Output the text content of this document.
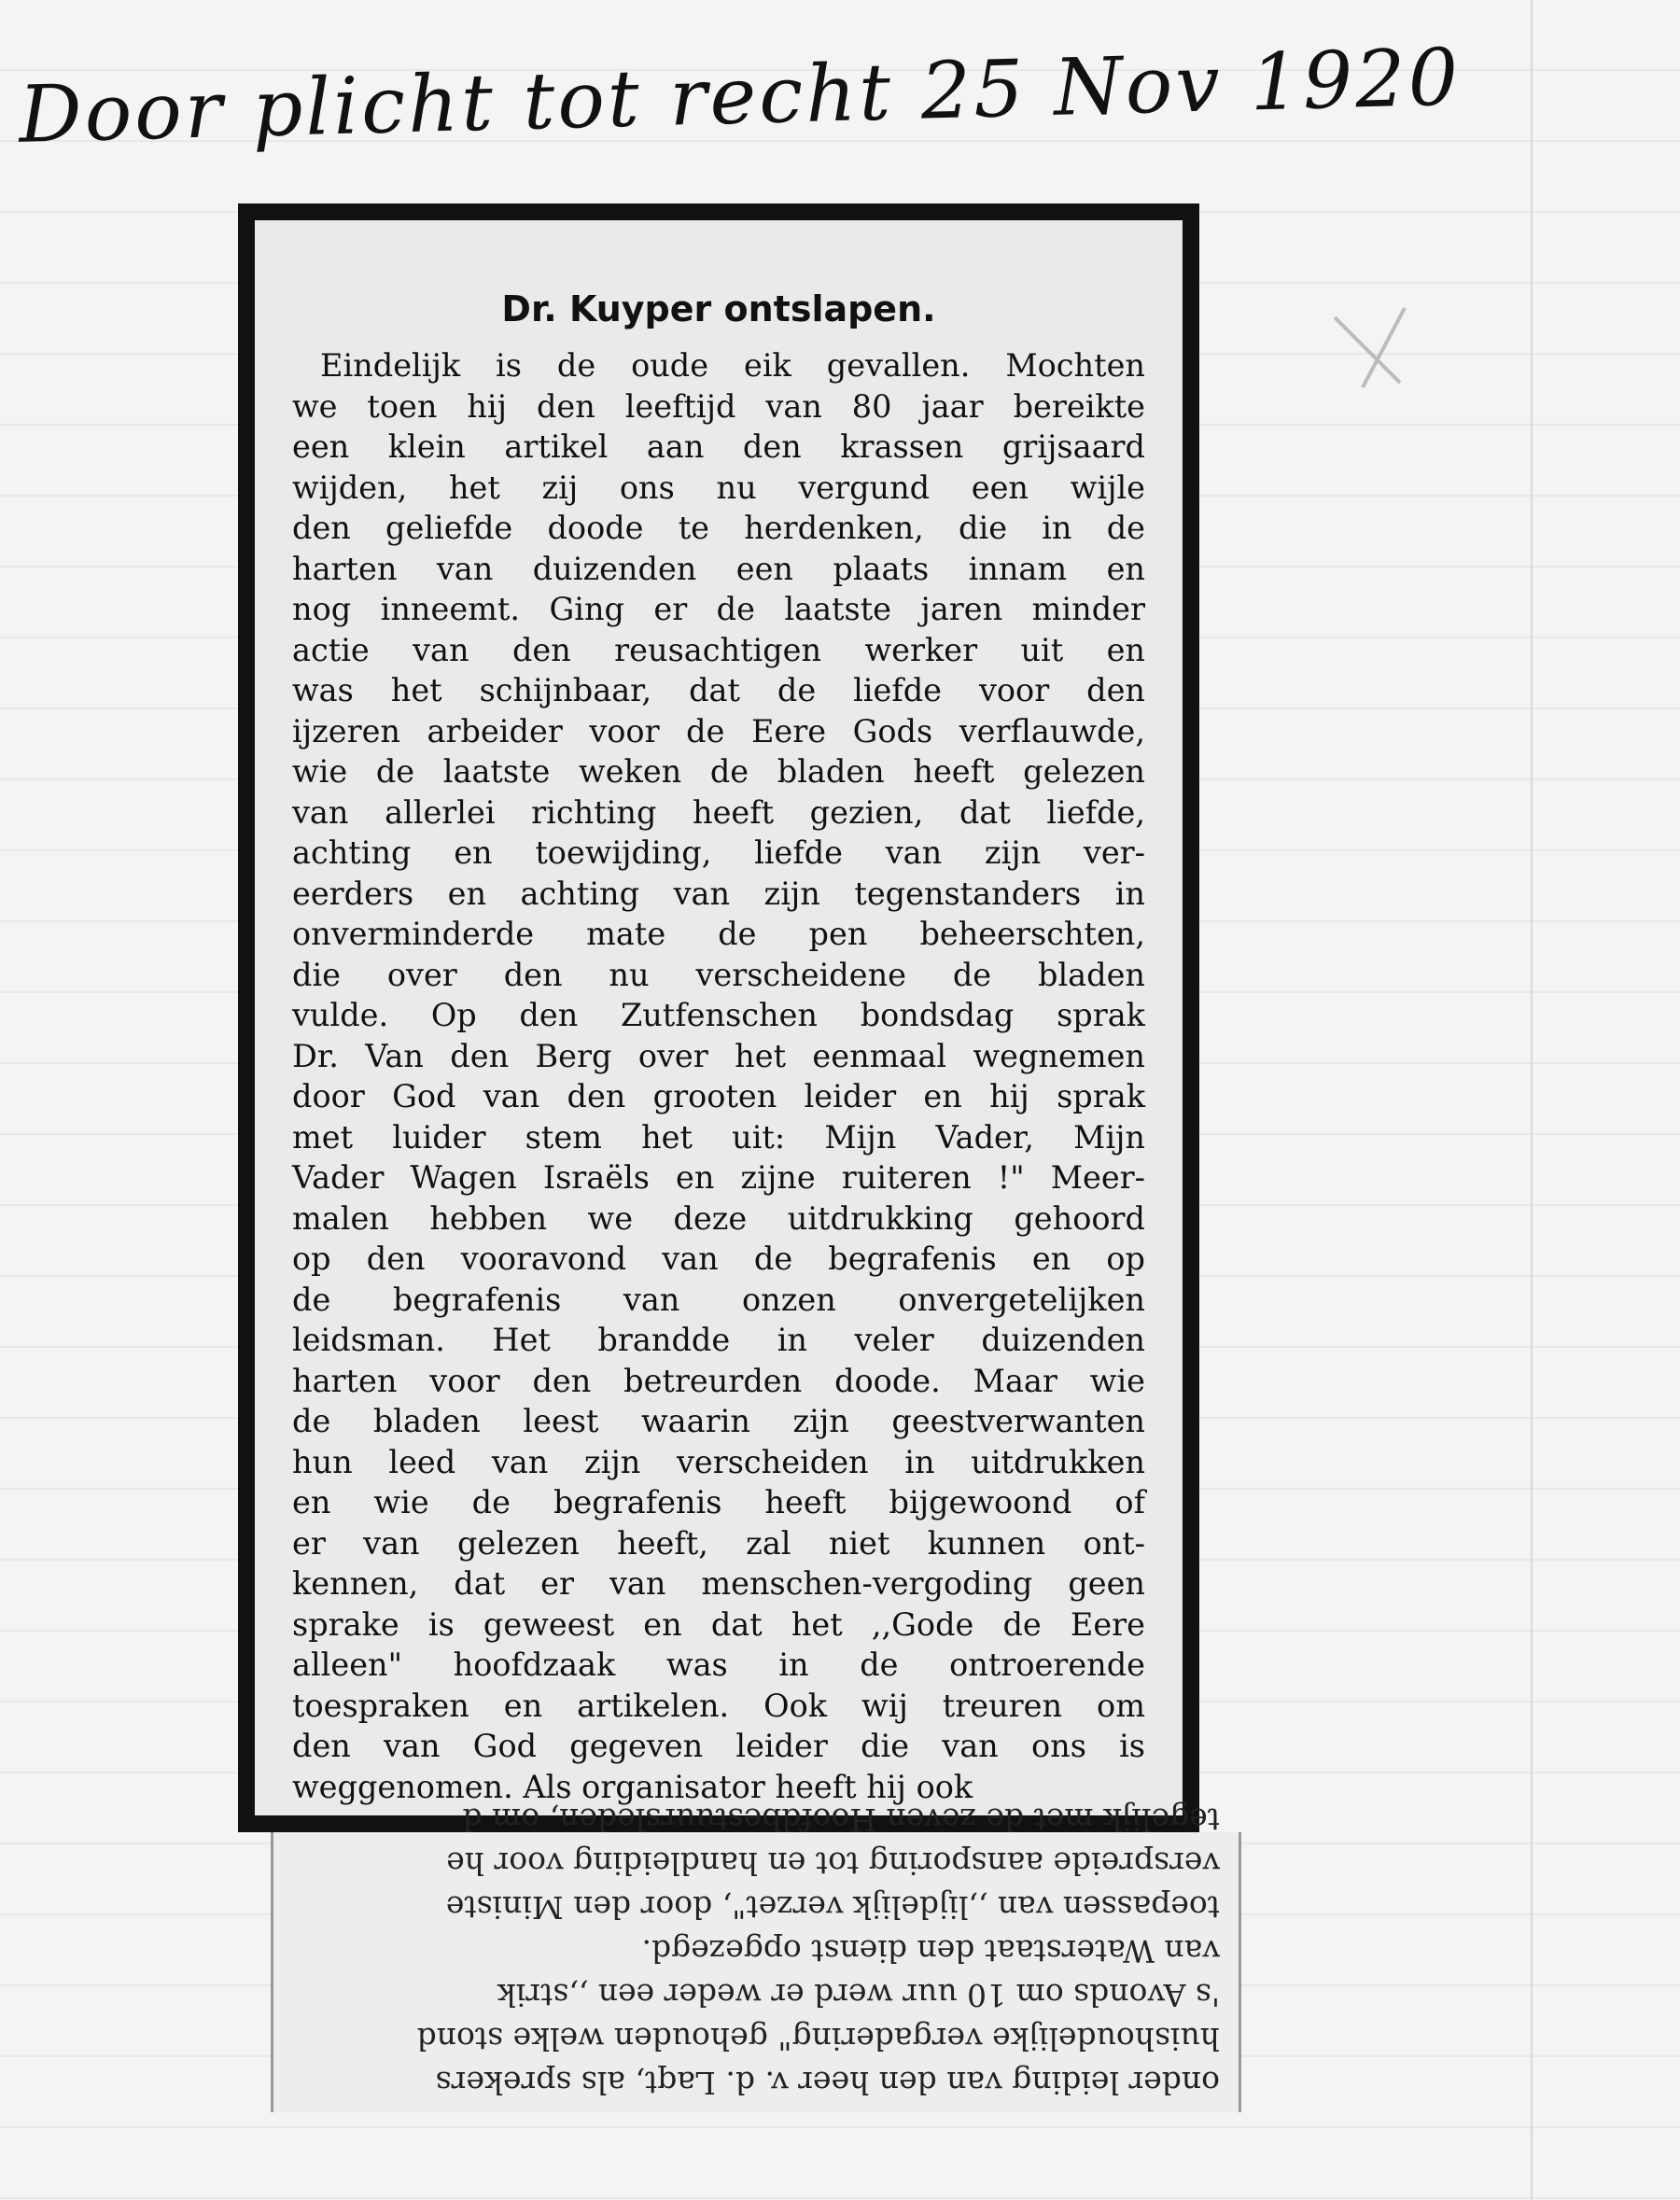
Door plicht tot recht 25 Nov 1920
Dr. Kuyper ontslapen.

Eindelijk is de oude eik gevallen. Mochten

we toen hij den leeftijd van 80 jaar bereikte

een klein artikel aan den krassen grijsaard

wijden, het zij ons nu vergund een wijle

den geliefde doode te herdenken, die in de

harten van duizenden een plaats innam en

nog inneemt. Ging er de laatste jaren minder

actie van den reusachtigen werker uit en

was het schijnbaar, dat de liefde voor den

ijzeren arbeider voor de Eere Gods verflauwde,

wie de laatste weken de bladen heeft gelezen

van allerlei richting heeft gezien, dat liefde,

achting en toewijding, liefde van zijn ver-

eerders en achting van zijn tegenstanders in

onverminderde mate de pen beheerschten,

die over den nu verscheidene de bladen

vulde. Op den Zutfenschen bondsdag sprak

Dr. Van den Berg over het eenmaal wegnemen

door God van den grooten leider en hij sprak

met luider stem het uit: Mijn Vader, Mijn

Vader Wagen Israëls en zijne ruiteren !" Meer-

malen hebben we deze uitdrukking gehoord

op den vooravond van de begrafenis en op

de begrafenis van onzen onvergetelijken

leidsman. Het brandde in veler duizenden

harten voor den betreurden doode. Maar wie

de bladen leest waarin zijn geestverwanten

hun leed van zijn verscheiden in uitdrukken

en wie de begrafenis heeft bijgewoond of

er van gelezen heeft, zal niet kunnen ont-

kennen, dat er van menschen-vergoding geen

sprake is geweest en dat het ,,Gode de Eere

alleen" hoofdzaak was in de ontroerende

toespraken en artikelen. Ook wij treuren om

den van God gegeven leider die van ons is

weggenomen. Als organisator heeft hij ook

onder leiding van den heer v. d. Laqt, als sprekers

huishoudelijke vergadering" gehouden welke stond

's Avonds om 10 uur werd er weder een ,,strik

van Waterstaat den dienst opgezegd.

toepassen van ,,lijdelijk verzet", door den Ministe

verspreide aansporing tot en handleiding voor he

tegelijk met de zeven Hoofdbestuursleden, om d
